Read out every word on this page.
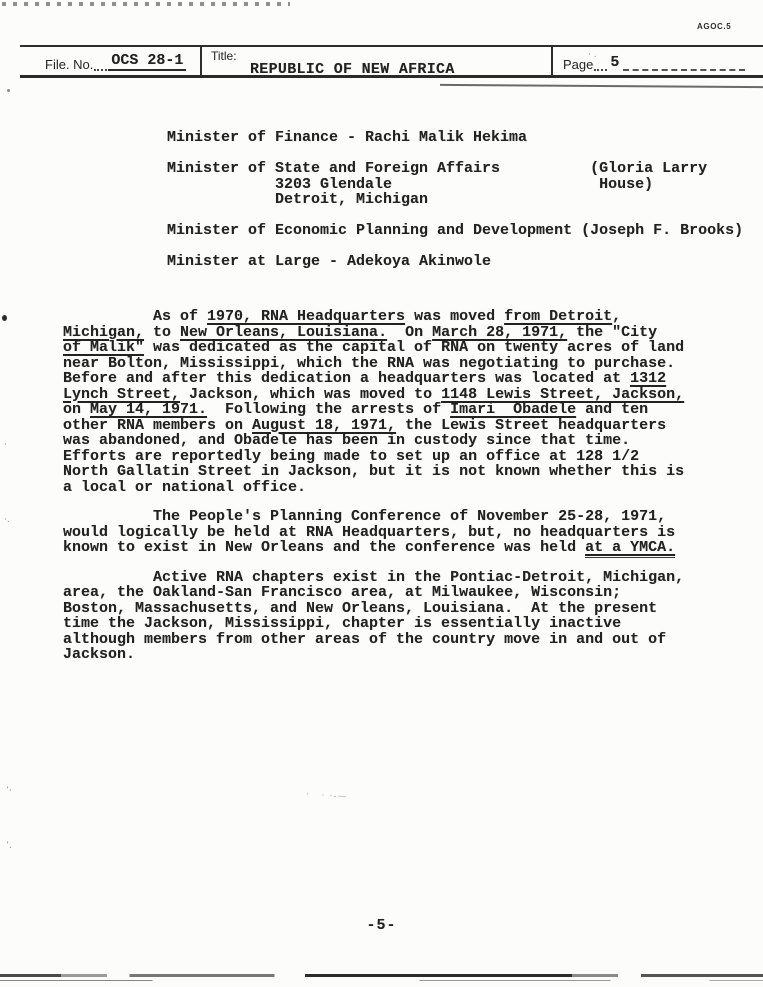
AGOC.5
File. No. OCS 28-1 Title:
REPUBLIC OF NEW AFRICA	Page 5
Minister of Finance - Rachi Malik Hekima

Minister of State and Foreign Affairs          (Gloria Larry
3203 Glendale                       House)
Detroit, Michigan

Minister of Economic Planning and Development (Joseph F. Brooks)

Minister at Large - Adekoya Akinwole
As of 1970, RNA Headquarters was moved from Detroit,
Michigan, to New Orleans, Louisiana.  On March 28, 1971, the "City
of Malik" was dedicated as the capital of RNA on twenty acres of land
near Bolton, Mississippi, which the RNA was negotiating to purchase.
Before and after this dedication a headquarters was located at 1312
Lynch Street, Jackson, which was moved to 1148 Lewis Street, Jackson,
on May 14, 1971.  Following the arrests of Imari  Obadele and ten
other RNA members on August 18, 1971, the Lewis Street headquarters
was abandoned, and Obadele has been in custody since that time.
Efforts are reportedly being made to set up an office at 128 1/2
North Gallatin Street in Jackson, but it is not known whether this is
a local or national office.
The People's Planning Conference of November 25-28, 1971,
would logically be held at RNA Headquarters, but, no headquarters is
known to exist in New Orleans and the conference was held at a YMCA.
Active RNA chapters exist in the Pontiac-Detroit, Michigan,
area, the Oakland-San Francisco area, at Milwaukee, Wisconsin;
Boston, Massachusetts, and New Orleans, Louisiana.  At the present
time the Jackson, Mississippi, chapter is essentially inactive
although members from other areas of the country move in and out of
Jackson.
-5-
·
·.
’·
’.
· .
·   · ·‐⁓
